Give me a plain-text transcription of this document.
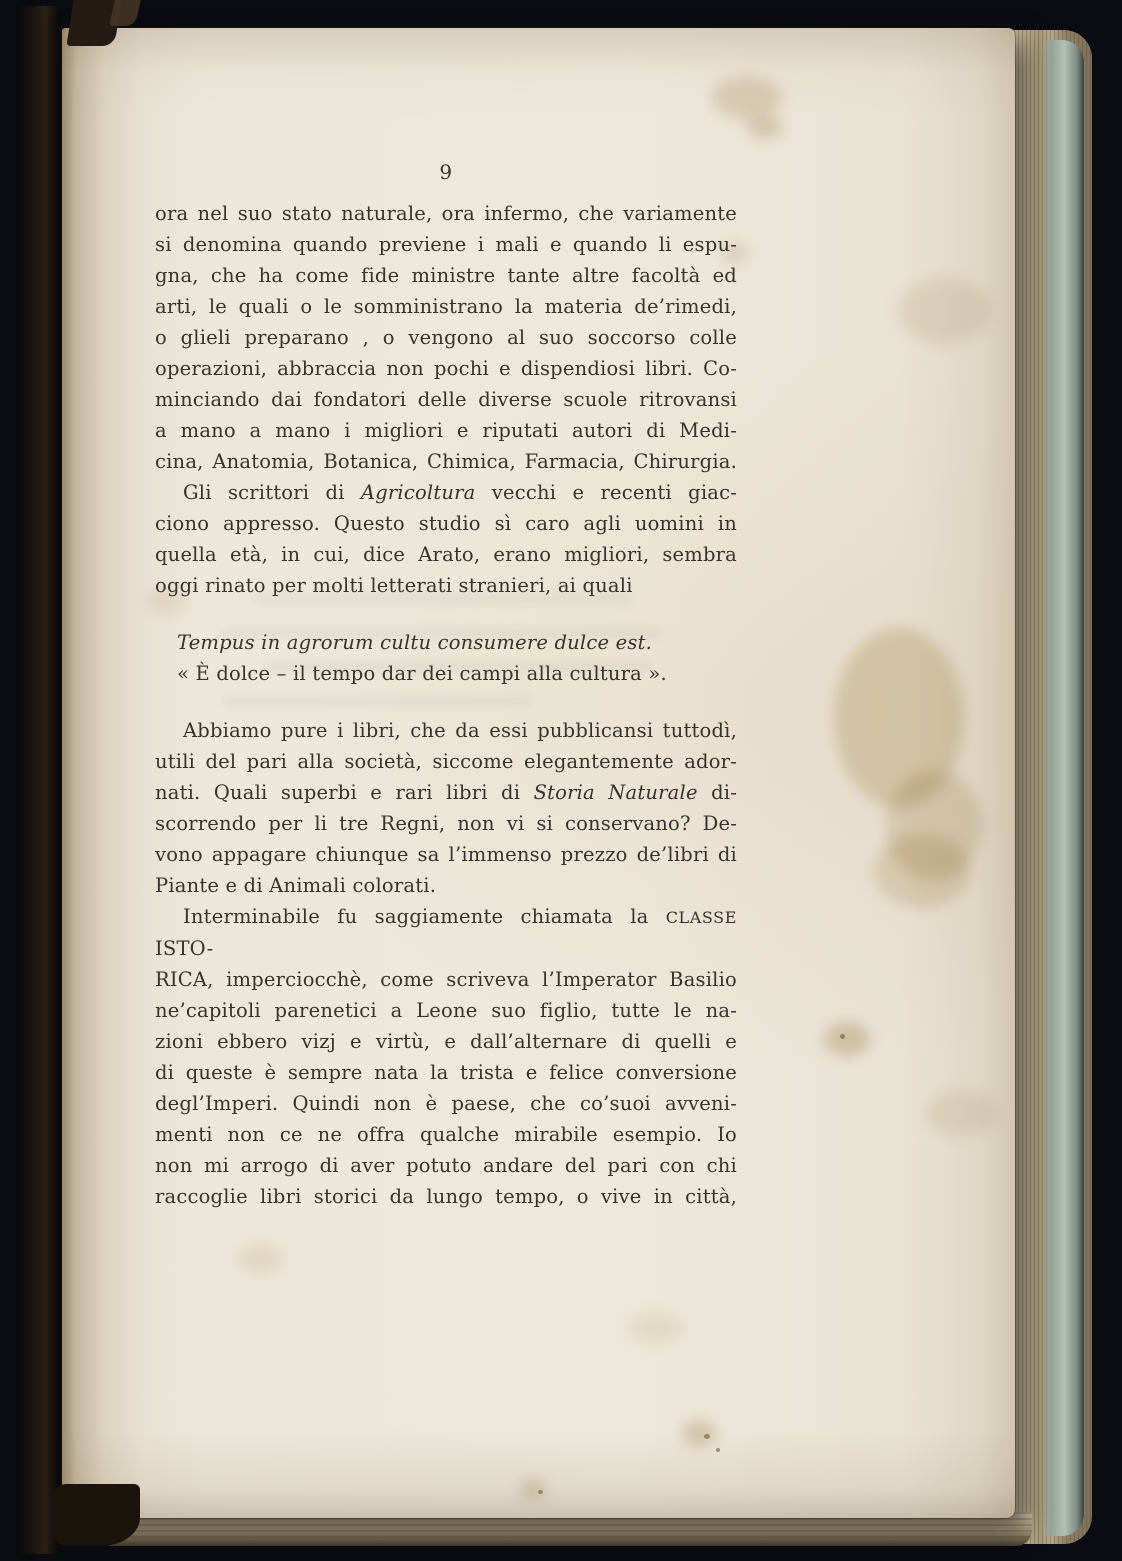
9
ora nel suo stato naturale, ora infermo, che variamente
si denomina quando previene i mali e quando li espu-
gna, che ha come fide ministre tante altre facoltà ed
arti, le quali o le somministrano la materia de’rimedi,
o glieli preparano , o vengono al suo soccorso colle
operazioni, abbraccia non pochi e dispendiosi libri. Co-
minciando dai fondatori delle diverse scuole ritrovansi
a mano a mano i migliori e riputati autori di Medi-
cina, Anatomia, Botanica, Chimica, Farmacia, Chirurgia.
Gli scrittori di Agricoltura vecchi e recenti giac-
ciono appresso. Questo studio sì caro agli uomini in
quella età, in cui, dice Arato, erano migliori, sembra
oggi rinato per molti letterati stranieri, ai quali
Tempus in agrorum cultu consumere dulce est.
« È dolce – il tempo dar dei campi alla cultura ».
Abbiamo pure i libri, che da essi pubblicansi tuttodì,
utili del pari alla società, siccome elegantemente ador-
nati. Quali superbi e rari libri di Storia Naturale di-
scorrendo per li tre Regni, non vi si conservano? De-
vono appagare chiunque sa l’immenso prezzo de’libri di
Piante e di Animali colorati.
Interminabile fu saggiamente chiamata la CLASSE ISTO-
RICA, imperciocchè, come scriveva l’Imperator Basilio
ne’capitoli parenetici a Leone suo figlio, tutte le na-
zioni ebbero vizj e virtù, e dall’alternare di quelli e
di queste è sempre nata la trista e felice conversione
degl’Imperi. Quindi non è paese, che co’suoi avveni-
menti non ce ne offra qualche mirabile esempio. Io
non mi arrogo di aver potuto andare del pari con chi
raccoglie libri storici da lungo tempo, o vive in città,
